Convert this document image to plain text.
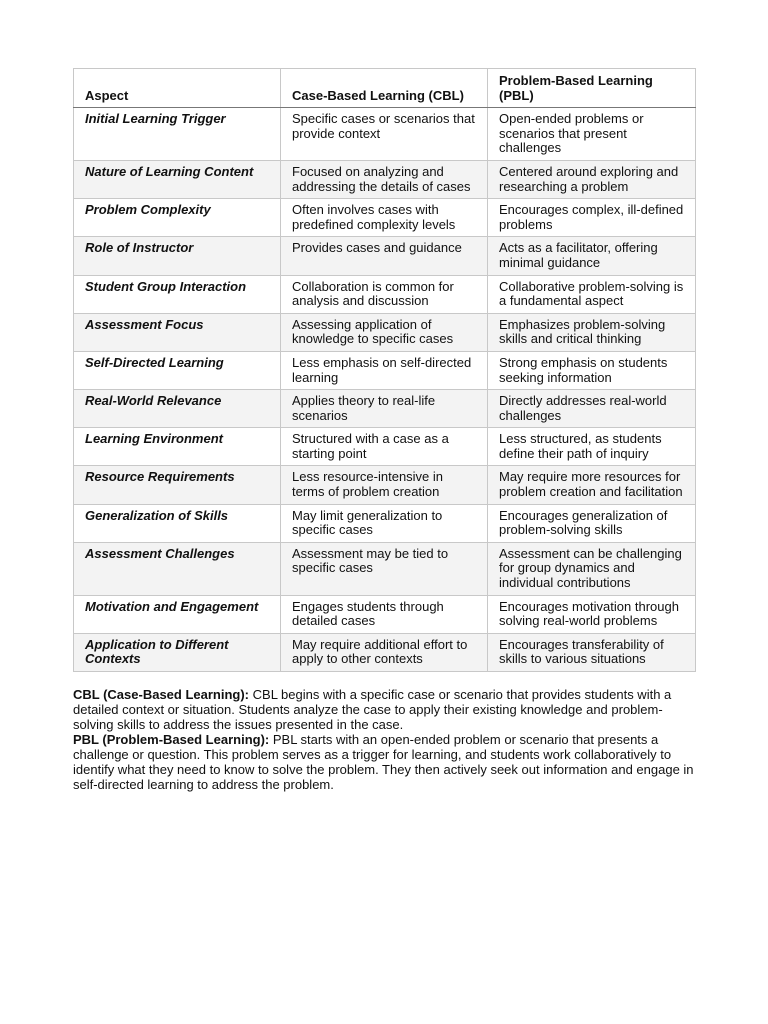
Aspect	Case-Based Learning (CBL)	Problem-Based Learning (PBL)
Initial Learning Trigger	Specific cases or scenarios that provide context	Open-ended problems or scenarios that present challenges
Nature of Learning Content	Focused on analyzing and addressing the details of cases	Centered around exploring and researching a problem
Problem Complexity	Often involves cases with predefined complexity levels	Encourages complex, ill-defined problems
Role of Instructor	Provides cases and guidance	Acts as a facilitator, offering minimal guidance
Student Group Interaction	Collaboration is common for analysis and discussion	Collaborative problem-solving is a fundamental aspect
Assessment Focus	Assessing application of knowledge to specific cases	Emphasizes problem-solving skills and critical thinking
Self-Directed Learning	Less emphasis on self-directed learning	Strong emphasis on students seeking information
Real-World Relevance	Applies theory to real-life scenarios	Directly addresses real-world challenges
Learning Environment	Structured with a case as a starting point	Less structured, as students define their path of inquiry
Resource Requirements	Less resource-intensive in terms of problem creation	May require more resources for problem creation and facilitation
Generalization of Skills	May limit generalization to specific cases	Encourages generalization of problem-solving skills
Assessment Challenges	Assessment may be tied to specific cases	Assessment can be challenging for group dynamics and individual contributions
Motivation and Engagement	Engages students through detailed cases	Encourages motivation through solving real-world problems
Application to Different Contexts	May require additional effort to apply to other contexts	Encourages transferability of skills to various situations

CBL (Case-Based Learning): CBL begins with a specific case or scenario that provides students with a detailed context or situation. Students analyze the case to apply their existing knowledge and problem-solving skills to address the issues presented in the case.

PBL (Problem-Based Learning): PBL starts with an open-ended problem or scenario that presents a challenge or question. This problem serves as a trigger for learning, and students work collaboratively to identify what they need to know to solve the problem. They then actively seek out information and engage in self-directed learning to address the problem.
